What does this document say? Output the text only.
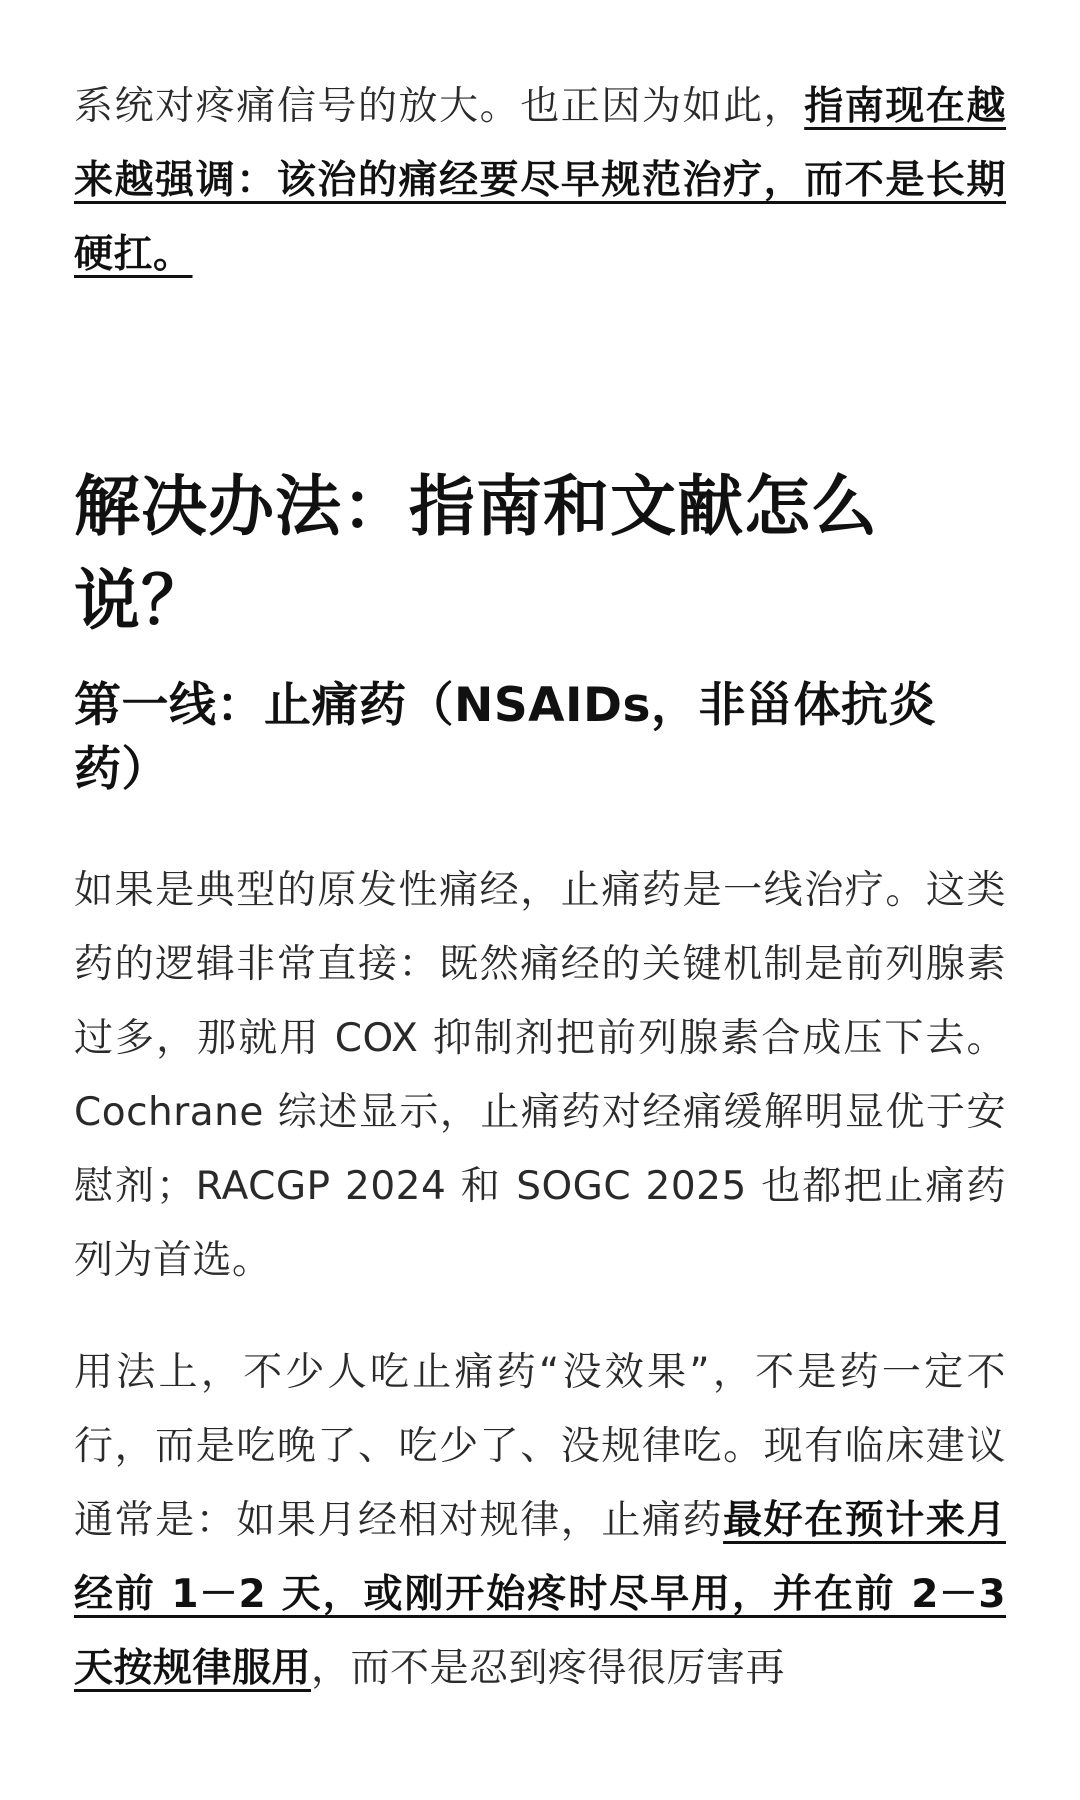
系统对疼痛信号的放大。也正因为如此，指南现在越来越强调：该治的痛经要尽早规范治疗，而不是长期硬扛。

解决办法：指南和文献怎么说？
第一线：止痛药（NSAIDs，非甾体抗炎药）

如果是典型的原发性痛经，止痛药是一线治疗。这类药的逻辑非常直接：既然痛经的关键机制是前列腺素过多，那就用 COX 抑制剂把前列腺素合成压下去。Cochrane 综述显示，止痛药对经痛缓解明显优于安慰剂；RACGP 2024 和 SOGC 2025 也都把止痛药列为首选。

用法上，不少人吃止痛药“没效果”，不是药一定不行，而是吃晚了、吃少了、没规律吃。现有临床建议通常是：如果月经相对规律，止痛药最好在预计来月经前 1－2 天，或刚开始疼时尽早用，并在前 2－3 天按规律服用，而不是忍到疼得很厉害再
